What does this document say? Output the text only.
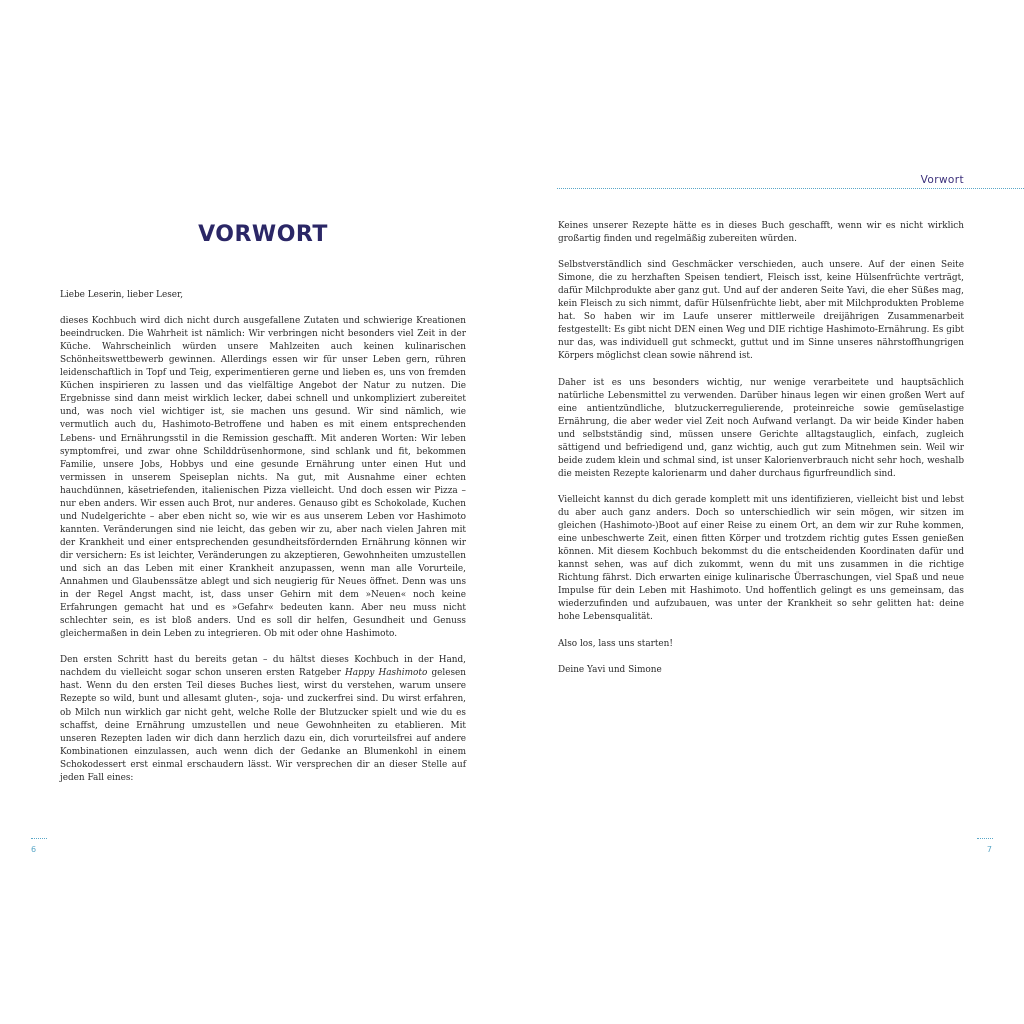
VORWORT

Liebe Leserin, lieber Leser,

dieses Kochbuch wird dich nicht durch ausgefallene Zutaten und schwierige Kreationen beeindrucken. Die Wahrheit ist nämlich: Wir verbringen nicht besonders viel Zeit in der Küche. Wahrscheinlich würden unsere Mahlzeiten auch keinen kulinarischen Schönheitswettbewerb gewinnen. Allerdings essen wir für unser Leben gern, rühren leidenschaftlich in Topf und Teig, experimentieren gerne und lieben es, uns von fremden Küchen inspirieren zu lassen und das vielfältige Angebot der Natur zu nutzen. Die Ergebnisse sind dann meist wirklich lecker, dabei schnell und unkompliziert zubereitet und, was noch viel wichtiger ist, sie machen uns gesund. Wir sind nämlich, wie vermutlich auch du, Hashimoto-Betroffene und haben es mit einem entsprechenden Lebens- und Ernährungsstil in die Remission geschafft. Mit anderen Worten: Wir leben symptomfrei, und zwar ohne Schilddrüsenhormone, sind schlank und fit, bekommen Familie, unsere Jobs, Hobbys und eine gesunde Ernährung unter einen Hut und vermissen in unserem Speiseplan nichts. Na gut, mit Ausnahme einer echten hauchdünnen, käsetriefenden, italienischen Pizza vielleicht. Und doch essen wir Pizza – nur eben anders. Wir essen auch Brot, nur anderes. Genauso gibt es Schokolade, Kuchen und Nudelgerichte – aber eben nicht so, wie wir es aus unserem Leben vor Hashimoto kannten. Veränderungen sind nie leicht, das geben wir zu, aber nach vielen Jahren mit der Krankheit und einer entsprechenden gesundheitsfördernden Ernährung können wir dir versichern: Es ist leichter, Veränderungen zu akzeptieren, Gewohnheiten umzustellen und sich an das Leben mit einer Krankheit anzupassen, wenn man alle Vorurteile, Annahmen und Glaubenssätze ablegt und sich neugierig für Neues öffnet. Denn was uns in der Regel Angst macht, ist, dass unser Gehirn mit dem »Neuen« noch keine Erfahrungen gemacht hat und es »Gefahr« bedeuten kann. Aber neu muss nicht schlechter sein, es ist bloß anders. Und es soll dir helfen, Gesundheit und Genuss gleichermaßen in dein Leben zu integrieren. Ob mit oder ohne Hashimoto.

Den ersten Schritt hast du bereits getan – du hältst dieses Kochbuch in der Hand, nachdem du vielleicht sogar schon unseren ersten Ratgeber Happy Hashimoto gelesen hast. Wenn du den ersten Teil dieses Buches liest, wirst du verstehen, warum unsere Rezepte so wild, bunt und allesamt gluten-, soja- und zuckerfrei sind. Du wirst erfahren, ob Milch nun wirklich gar nicht geht, welche Rolle der Blutzucker spielt und wie du es schaffst, deine Ernährung umzustellen und neue Gewohnheiten zu etablieren. Mit unseren Rezepten laden wir dich dann herzlich dazu ein, dich vorurteilsfrei auf andere Kombinationen einzulassen, auch wenn dich der Gedanke an Blumenkohl in einem Schokodessert erst einmal erschaudern lässt. Wir versprechen dir an dieser Stelle auf jeden Fall eines:

6
Vorwort

Keines unserer Rezepte hätte es in dieses Buch geschafft, wenn wir es nicht wirklich großartig finden und regelmäßig zubereiten würden.

Selbstverständlich sind Geschmäcker verschieden, auch unsere. Auf der einen Seite Simone, die zu herzhaften Speisen tendiert, Fleisch isst, keine Hülsenfrüchte verträgt, dafür Milchprodukte aber ganz gut. Und auf der anderen Seite Yavi, die eher Süßes mag, kein Fleisch zu sich nimmt, dafür Hülsenfrüchte liebt, aber mit Milchprodukten Probleme hat. So haben wir im Laufe unserer mittlerweile dreijährigen Zusammenarbeit festgestellt: Es gibt nicht DEN einen Weg und DIE richtige Hashimoto-Ernährung. Es gibt nur das, was individuell gut schmeckt, guttut und im Sinne unseres nährstoffhungrigen Körpers möglichst clean sowie nährend ist.

Daher ist es uns besonders wichtig, nur wenige verarbeitete und hauptsächlich natürliche Lebensmittel zu verwenden. Darüber hinaus legen wir einen großen Wert auf eine antientzündliche, blutzuckerregulierende, proteinreiche sowie gemüselastige Ernährung, die aber weder viel Zeit noch Aufwand verlangt. Da wir beide Kinder haben und selbstständig sind, müssen unsere Gerichte alltagstauglich, einfach, zugleich sättigend und befriedigend und, ganz wichtig, auch gut zum Mitnehmen sein. Weil wir beide zudem klein und schmal sind, ist unser Kalorienverbrauch nicht sehr hoch, weshalb die meisten Rezepte kalorienarm und daher durchaus figurfreundlich sind.

Vielleicht kannst du dich gerade komplett mit uns identifizieren, vielleicht bist und lebst du aber auch ganz anders. Doch so unterschiedlich wir sein mögen, wir sitzen im gleichen (Hashimoto-)Boot auf einer Reise zu einem Ort, an dem wir zur Ruhe kommen, eine unbeschwerte Zeit, einen fitten Körper und trotzdem richtig gutes Essen genießen können. Mit diesem Kochbuch bekommst du die entscheidenden Koordinaten dafür und kannst sehen, was auf dich zukommt, wenn du mit uns zusammen in die richtige Richtung fährst. Dich erwarten einige kulinarische Überraschungen, viel Spaß und neue Impulse für dein Leben mit Hashimoto. Und hoffentlich gelingt es uns gemeinsam, das wiederzufinden und aufzubauen, was unter der Krankheit so sehr gelitten hat: deine hohe Lebensqualität.

Also los, lass uns starten!

Deine Yavi und Simone

7
